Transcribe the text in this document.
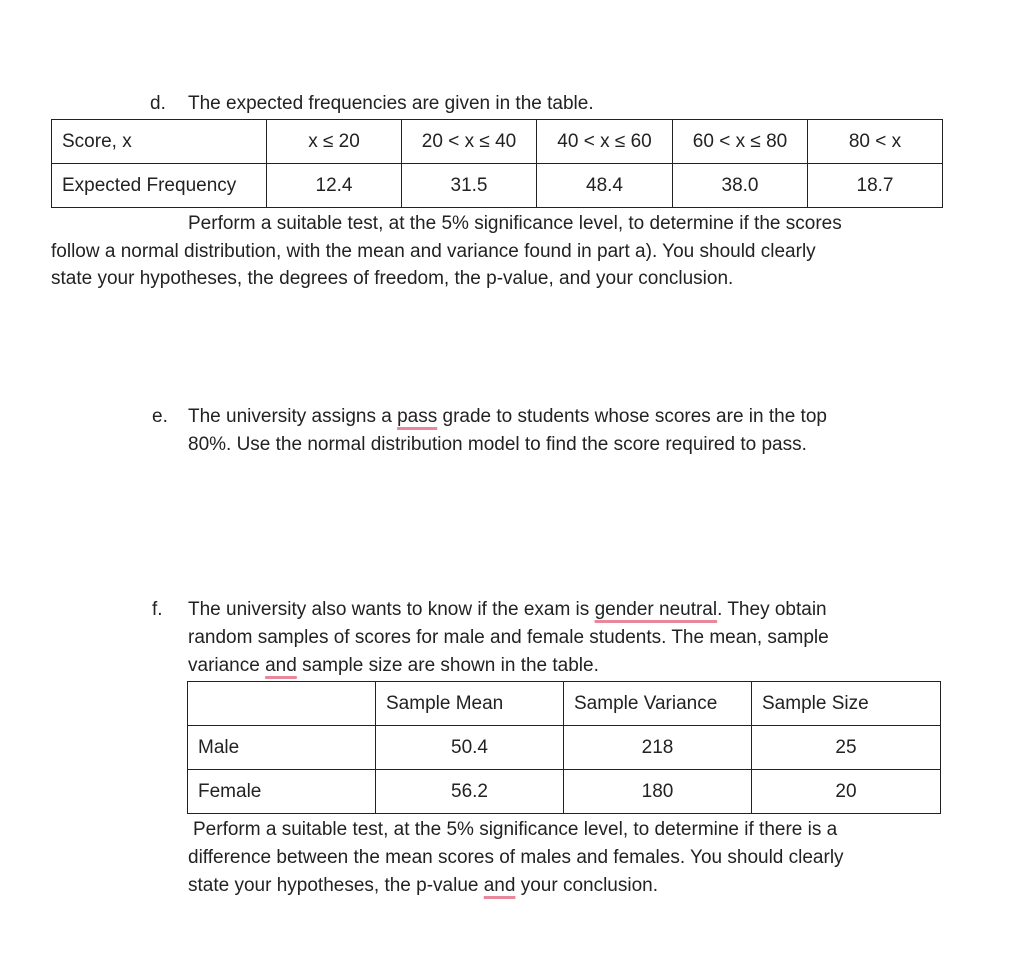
d. The expected frequencies are given in the table.
Score, x	x ≤ 20	20 < x ≤ 40	40 < x ≤ 60	60 < x ≤ 80	80 < x
Expected Frequency	12.4	31.5	48.4	38.0	18.7
Perform a suitable test, at the 5% significance level, to determine if the scores
follow a normal distribution, with the mean and variance found in part a). You should clearly
state your hypotheses, the degrees of freedom, the p-value, and your conclusion.
e. The university assigns a pass grade to students whose scores are in the top
80%. Use the normal distribution model to find the score required to pass.
f. The university also wants to know if the exam is gender neutral. They obtain
random samples of scores for male and female students. The mean, sample
variance and sample size are shown in the table.
	Sample Mean	Sample Variance	Sample Size
Male	50.4	218	25
Female	56.2	180	20
Perform a suitable test, at the 5% significance level, to determine if there is a
difference between the mean scores of males and females. You should clearly
state your hypotheses, the p-value and your conclusion.
